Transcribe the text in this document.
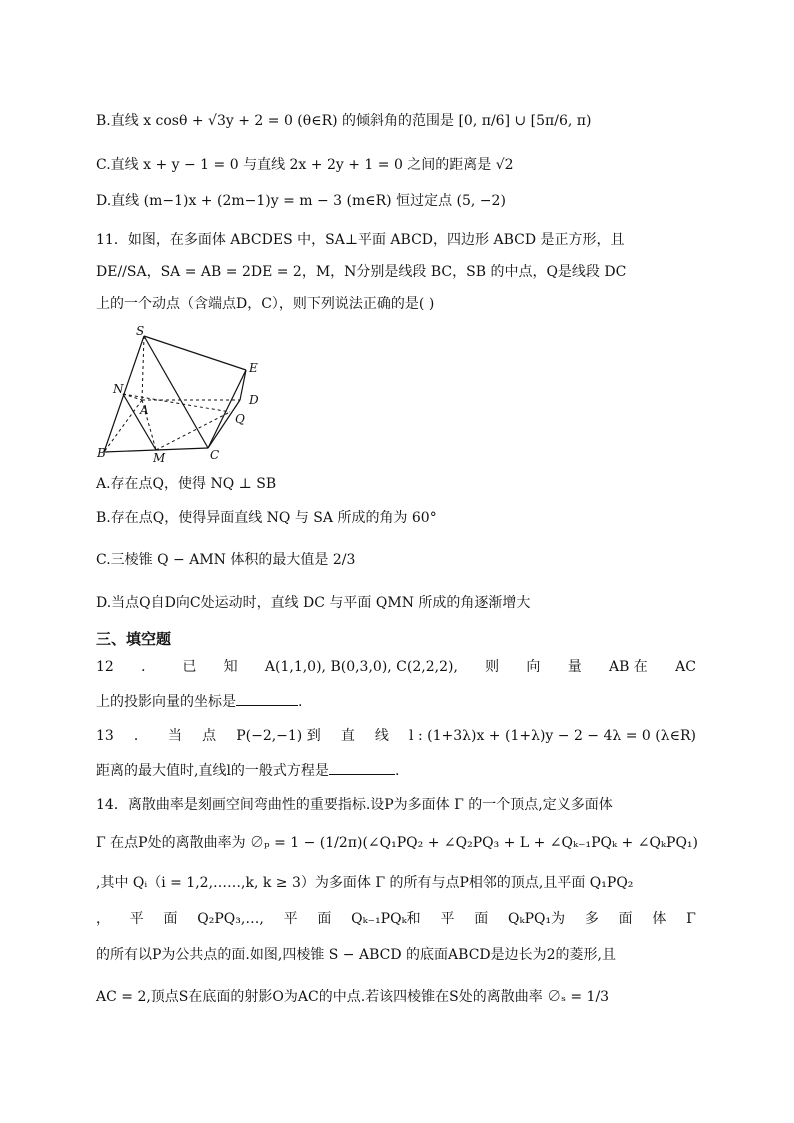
B.直线 x cosθ + √3y + 2 = 0 (θ∈R) 的倾斜角的范围是 [0, π/6] ∪ [5π/6, π)
C.直线 x + y − 1 = 0 与直线 2x + 2y + 1 = 0 之间的距离是 √2
D.直线 (m−1)x + (2m−1)y = m − 3 (m∈R) 恒过定点 (5, −2)
11．如图，在多面体 ABCDES 中，SA⊥平面 ABCD，四边形 ABCD 是正方形，且
DE//SA，SA = AB = 2DE = 2，M，N分别是线段 BC，SB 的中点，Q是线段 DC
上的一个动点（含端点D，C），则下列说法正确的是( )
S
E
N
A
D
Q
B	M	C
A.存在点Q，使得 NQ ⊥ SB
B.存在点Q，使得异面直线 NQ 与 SA 所成的角为 60°
C.三棱锥 Q − AMN 体积的最大值是 2/3
D.当点Q自D向C处运动时，直线 DC 与平面 QMN 所成的角逐渐增大
三、填空题
12 ． 已 知 A(1,1,0), B(0,3,0), C(2,2,2), 则 向 量 AB 在 AC
上的投影向量的坐标是	.
13 ． 当 点 P(−2,−1) 到 直 线 l : (1+3λ)x + (1+λ)y − 2 − 4λ = 0 (λ∈R)
距离的最大值时,直线l的一般式方程是	.
14．离散曲率是刻画空间弯曲性的重要指标.设P为多面体 Γ 的一个顶点,定义多面体
Γ 在点P处的离散曲率为 ∅ₚ = 1 − (1/2π)(∠Q₁PQ₂ + ∠Q₂PQ₃ + L + ∠Qₖ₋₁PQₖ + ∠QₖPQ₁)
,其中 Qᵢ（i = 1,2,……,k, k ≥ 3）为多面体 Γ 的所有与点P相邻的顶点,且平面 Q₁PQ₂
， 平 面 Q₂PQ₃,…, 平 面 Qₖ₋₁PQₖ和 平 面 QₖPQ₁为 多 面 体 Γ
的所有以P为公共点的面.如图,四棱锥 S − ABCD 的底面ABCD是边长为2的菱形,且
AC = 2,顶点S在底面的射影O为AC的中点.若该四棱锥在S处的离散曲率 ∅ₛ = 1/3
